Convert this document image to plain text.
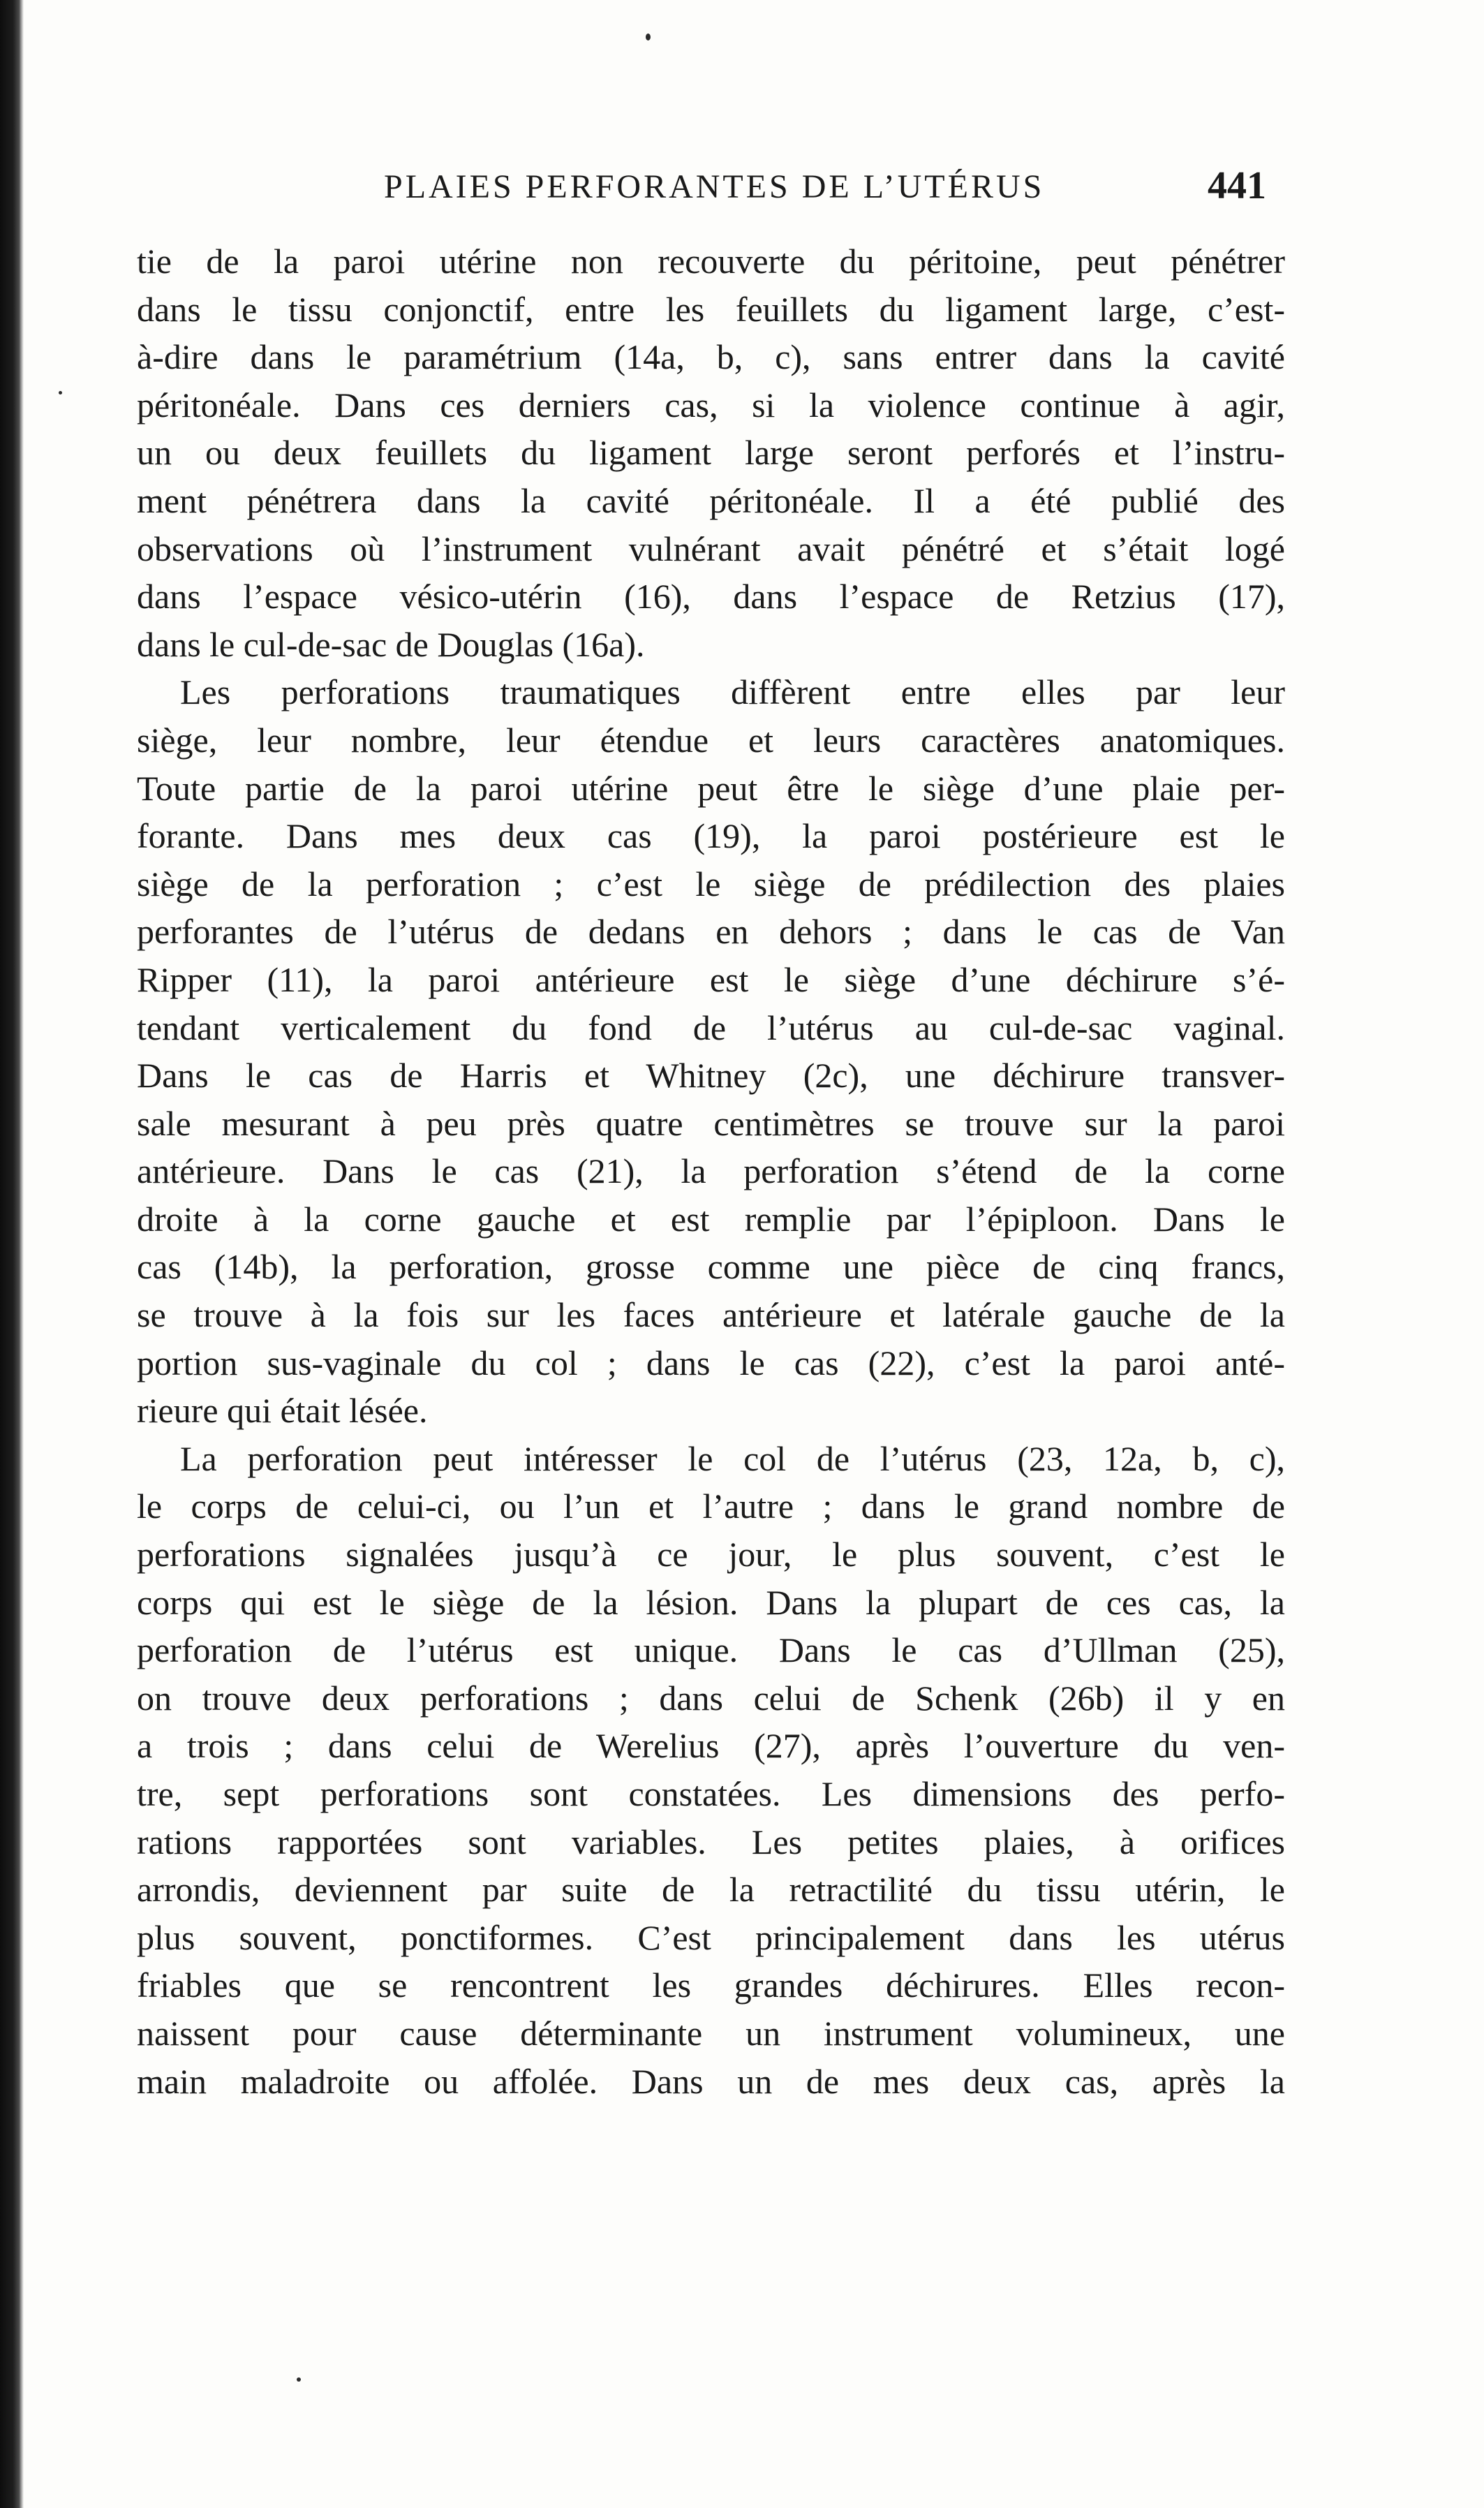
PLAIES PERFORANTES DE L’UTÉRUS	441
tie de la paroi utérine non recouverte du péritoine, peut pénétrer
dans le tissu conjonctif, entre les feuillets du ligament large, c’est-
à-dire dans le paramétrium (14a, b, c), sans entrer dans la cavité
péritonéale. Dans ces derniers cas, si la violence continue à agir,
un ou deux feuillets du ligament large seront perforés et l’instru-
ment pénétrera dans la cavité péritonéale. Il a été publié des
observations où l’instrument vulnérant avait pénétré et s’était logé
dans l’espace vésico-utérin (16), dans l’espace de Retzius (17),
dans le cul-de-sac de Douglas (16a).
Les perforations traumatiques diffèrent entre elles par leur
siège, leur nombre, leur étendue et leurs caractères anatomiques.
Toute partie de la paroi utérine peut être le siège d’une plaie per-
forante. Dans mes deux cas (19), la paroi postérieure est le
siège de la perforation ; c’est le siège de prédilection des plaies
perforantes de l’utérus de dedans en dehors ; dans le cas de Van
Ripper (11), la paroi antérieure est le siège d’une déchirure s’é-
tendant verticalement du fond de l’utérus au cul-de-sac vaginal.
Dans le cas de Harris et Whitney (2c), une déchirure transver-
sale mesurant à peu près quatre centimètres se trouve sur la paroi
antérieure. Dans le cas (21), la perforation s’étend de la corne
droite à la corne gauche et est remplie par l’épiploon. Dans le
cas (14b), la perforation, grosse comme une pièce de cinq francs,
se trouve à la fois sur les faces antérieure et latérale gauche de la
portion sus-vaginale du col ; dans le cas (22), c’est la paroi anté-
rieure qui était lésée.
La perforation peut intéresser le col de l’utérus (23, 12a, b, c),
le corps de celui-ci, ou l’un et l’autre ; dans le grand nombre de
perforations signalées jusqu’à ce jour, le plus souvent, c’est le
corps qui est le siège de la lésion. Dans la plupart de ces cas, la
perforation de l’utérus est unique. Dans le cas d’Ullman (25),
on trouve deux perforations ; dans celui de Schenk (26b) il y en
a trois ; dans celui de Werelius (27), après l’ouverture du ven-
tre, sept perforations sont constatées. Les dimensions des perfo-
rations rapportées sont variables. Les petites plaies, à orifices
arrondis, deviennent par suite de la retractilité du tissu utérin, le
plus souvent, ponctiformes. C’est principalement dans les utérus
friables que se rencontrent les grandes déchirures. Elles recon-
naissent pour cause déterminante un instrument volumineux, une
main maladroite ou affolée. Dans un de mes deux cas, après la
